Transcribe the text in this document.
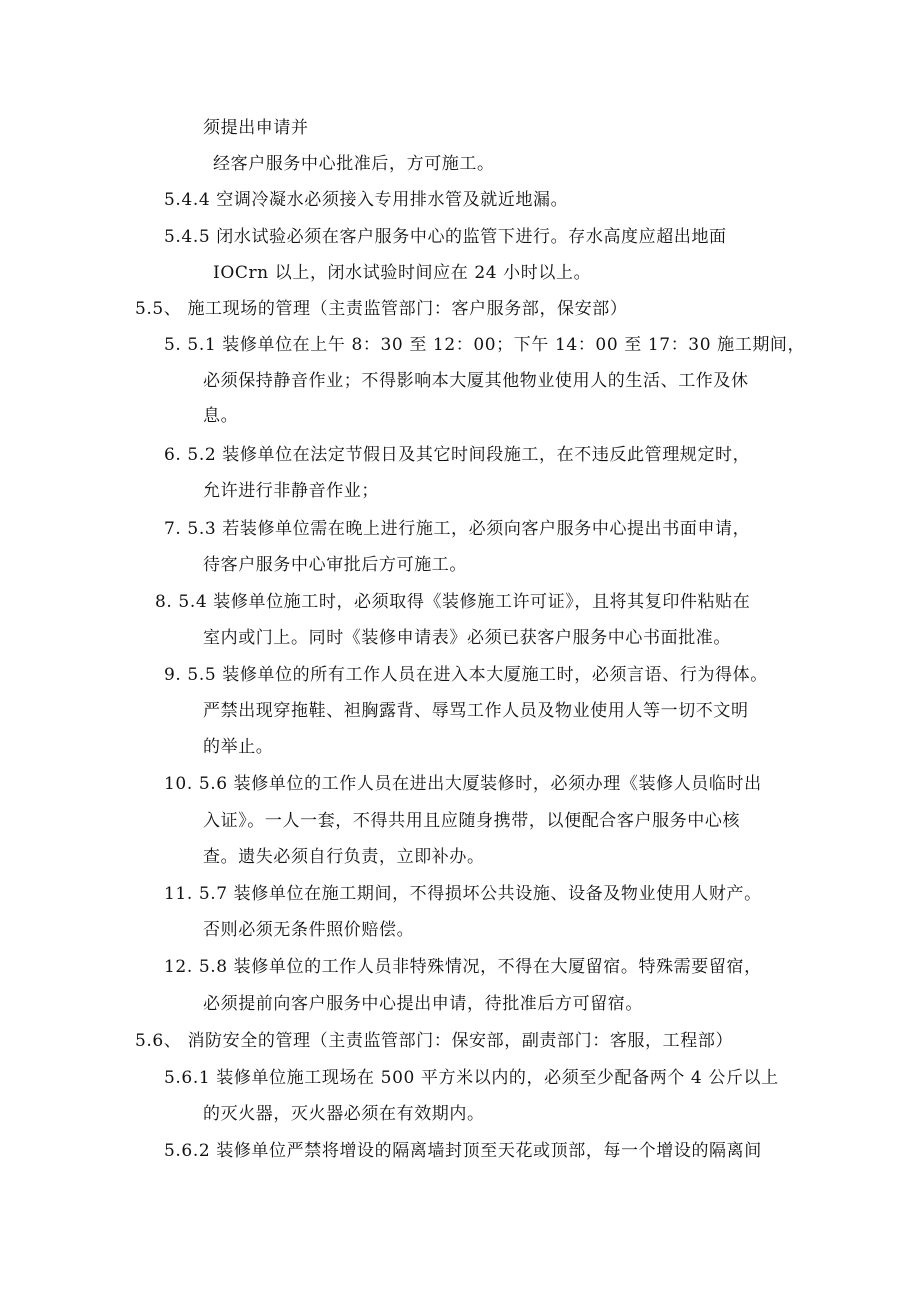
须提出申请并
经客户服务中心批准后，方可施工。
5.4.4 空调冷凝水必须接入专用排水管及就近地漏。
5.4.5 闭水试验必须在客户服务中心的监管下进行。存水高度应超出地面
IOCrn 以上，闭水试验时间应在 24 小时以上。
5.5、 施工现场的管理（主责监管部门：客户服务部，保安部）
5. 5.1 装修单位在上午 8：30 至 12：00；下午 14：00 至 17：30 施工期间，
必须保持静音作业；不得影响本大厦其他物业使用人的生活、工作及休
息。
6. 5.2 装修单位在法定节假日及其它时间段施工，在不违反此管理规定时，
允许进行非静音作业；
7. 5.3 若装修单位需在晚上进行施工，必须向客户服务中心提出书面申请，
待客户服务中心审批后方可施工。
8. 5.4 装修单位施工时，必须取得《装修施工许可证》，且将其复印件粘贴在
室内或门上。同时《装修申请表》必须已获客户服务中心书面批准。
9. 5.5 装修单位的所有工作人员在进入本大厦施工时，必须言语、行为得体。
严禁出现穿拖鞋、袒胸露背、辱骂工作人员及物业使用人等一切不文明
的举止。
10. 5.6 装修单位的工作人员在进出大厦装修时，必须办理《装修人员临时出
入证》。一人一套，不得共用且应随身携带，以便配合客户服务中心核
查。遗失必须自行负责，立即补办。
11. 5.7 装修单位在施工期间，不得损坏公共设施、设备及物业使用人财产。
否则必须无条件照价赔偿。
12. 5.8 装修单位的工作人员非特殊情况，不得在大厦留宿。特殊需要留宿，
必须提前向客户服务中心提出申请，待批准后方可留宿。
5.6、 消防安全的管理（主责监管部门：保安部，副责部门：客服，工程部）
5.6.1 装修单位施工现场在 500 平方米以内的，必须至少配备两个 4 公斤以上
的灭火器，灭火器必须在有效期内。
5.6.2 装修单位严禁将增设的隔离墙封顶至天花或顶部，每一个增设的隔离间
